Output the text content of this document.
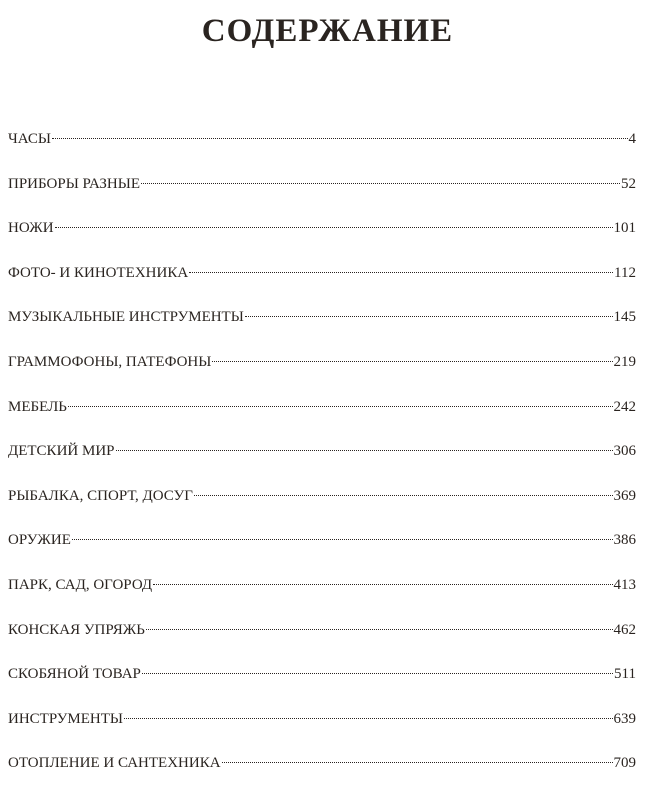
СОДЕРЖАНИЕ
ЧАСЫ	4
ПРИБОРЫ РАЗНЫЕ	52
НОЖИ	101
ФОТО- И КИНОТЕХНИКА	112
МУЗЫКАЛЬНЫЕ ИНСТРУМЕНТЫ	145
ГРАММОФОНЫ, ПАТЕФОНЫ	219
МЕБЕЛЬ	242
ДЕТСКИЙ МИР	306
РЫБАЛКА, СПОРТ, ДОСУГ	369
ОРУЖИЕ	386
ПАРК, САД, ОГОРОД	413
КОНСКАЯ УПРЯЖЬ	462
СКОБЯНОЙ ТОВАР	511
ИНСТРУМЕНТЫ	639
ОТОПЛЕНИЕ И САНТЕХНИКА	709
